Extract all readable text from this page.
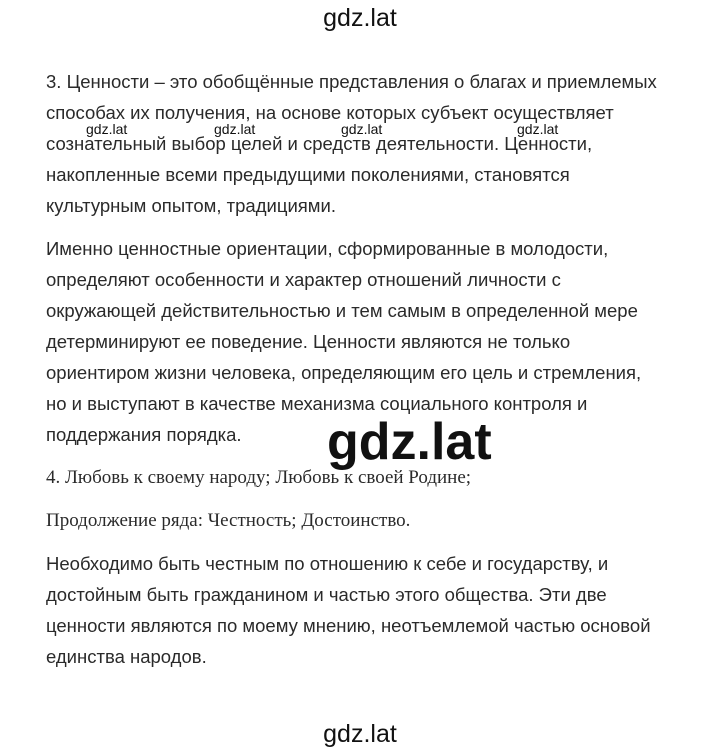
gdz.lat
gdz.lat	gdz.lat	gdz.lat	gdz.lat
gdz.lat

3. Ценности – это обобщённые представления о благах и приемлемых
способах их получения, на основе которых субъект осуществляет
сознательный выбор целей и средств деятельности. Ценности,
накопленные всеми предыдущими поколениями, становятся
культурным опытом, традициями.

Именно ценностные ориентации, сформированные в молодости,
определяют особенности и характер отношений личности с
окружающей действительностью и тем самым в определенной мере
детерминируют ее поведение. Ценности являются не только
ориентиром жизни человека, определяющим его цель и стремления,
но и выступают в качестве механизма социального контроля и
поддержания порядка.

4. Любовь к своему народу; Любовь к своей Родине;

Продолжение ряда: Честность; Достоинство.

Необходимо быть честным по отношению к себе и государству, и
достойным быть гражданином и частью этого общества. Эти две
ценности являются по моему мнению, неотъемлемой частью основой
единства народов.

gdz.lat
